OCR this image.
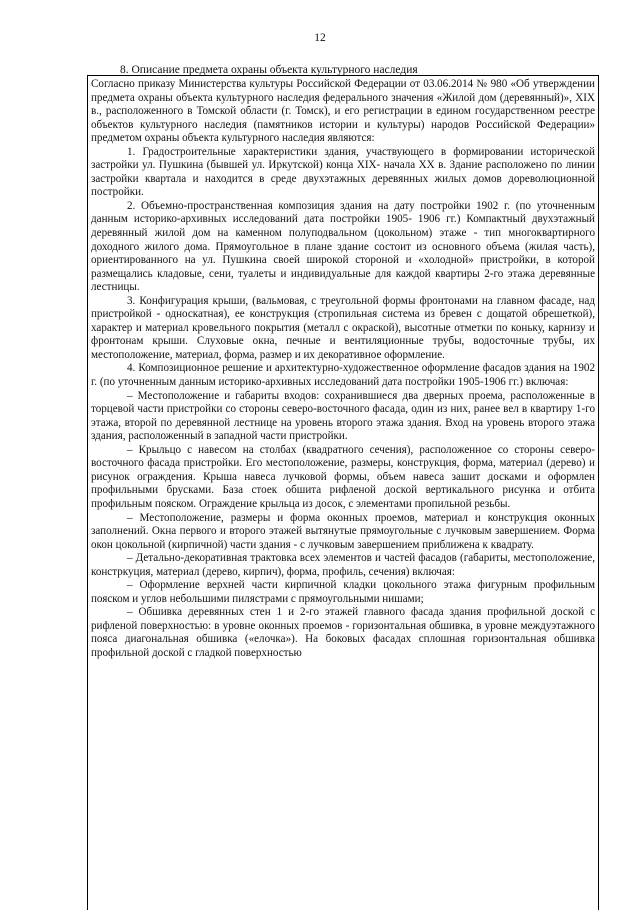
12
8. Описание предмета охраны объекта культурного наследия

Согласно приказу Министерства культуры Российской Федерации от 03.06.2014 № 980 «Об утверждении предмета охраны объекта культурного наследия федерального значения «Жилой дом (деревянный)», XIX в., расположенного в Томской области (г. Томск), и его регистрации в едином государственном реестре объектов культурного наследия (памятников истории и культуры) народов Российской Федерации» предметом охраны объекта культурного наследия являются:

1. Градостроительные характеристики здания, участвующего в формировании исторической застройки ул. Пушкина (бывшей ул. Иркутской) конца XIX- начала XX в. Здание расположено по линии застройки квартала и находится в среде двухэтажных деревянных жилых домов дореволюционной постройки.

2. Объемно-пространственная композиция здания на дату постройки 1902 г. (по уточненным данным историко-архивных исследований дата постройки 1905- 1906 гг.) Компактный двухэтажный деревянный жилой дом на каменном полуподвальном (цокольном) этаже - тип многоквартирного доходного жилого дома. Прямоугольное в плане здание состоит из основного объема (жилая часть), ориентированного на ул. Пушкина своей широкой стороной и «холодной» пристройки, в которой размещались кладовые, сени, туалеты и индивидуальные для каждой квартиры 2-го этажа деревянные лестницы.

3. Конфигурация крыши, (вальмовая, с треугольной формы фронтонами на главном фасаде, над пристройкой - односкатная), ее конструкция (стропильная система из бревен с дощатой обрешеткой), характер и материал кровельного покрытия (металл с окраской), высотные отметки по коньку, карнизу и фронтонам крыши. Слуховые окна, печные и вентиляционные трубы, водосточные трубы, их местоположение, материал, форма, размер и их декоративное оформление.

4. Композиционное решение и архитектурно-художественное оформление фасадов здания на 1902 г. (по уточненным данным историко-архивных исследований дата постройки 1905-1906 гг.) включая:

– Местоположение и габариты входов: сохранившиеся два дверных проема, расположенные в торцевой части пристройки со стороны северо-восточного фасада, один из них, ранее вел в квартиру 1-го этажа, второй по деревянной лестнице на уровень второго этажа здания. Вход на уровень второго этажа здания, расположенный в западной части пристройки.

– Крыльцо с навесом на столбах (квадратного сечения), расположенное со стороны северо-восточного фасада пристройки. Его местоположение, размеры, конструкция, форма, материал (дерево) и рисунок ограждения. Крыша навеса лучковой формы, объем навеса зашит досками и оформлен профильными брусками. База стоек обшита рифленой доской вертикального рисунка и отбита профильным пояском. Ограждение крыльца из досок, с элементами пропильной резьбы.

– Местоположение, размеры и форма оконных проемов, материал и конструкция оконных заполнений. Окна первого и второго этажей вытянутые прямоугольные с лучковым завершением. Форма окон цокольной (кирпичной) части здания - с лучковым завершением приближена к квадрату.

– Детально-декоративная трактовка всех элементов и частей фасадов (габариты, местоположение, констркуция, материал (дерево, кирпич), форма, профиль, сечения) включая:

– Оформление верхней части кирпичной кладки цокольного этажа фигурным профильным пояском и углов небольшими пилястрами с прямоугольными нишами;

– Обшивка деревянных стен 1 и 2-го этажей главного фасада здания профильной доской с рифленой поверхностью: в уровне оконных проемов - горизонтальная обшивка, в уровне междуэтажного пояса диагональная обшивка («елочка»). На боковых фасадах сплошная горизонтальная обшивка профильной доской с гладкой поверхностью
